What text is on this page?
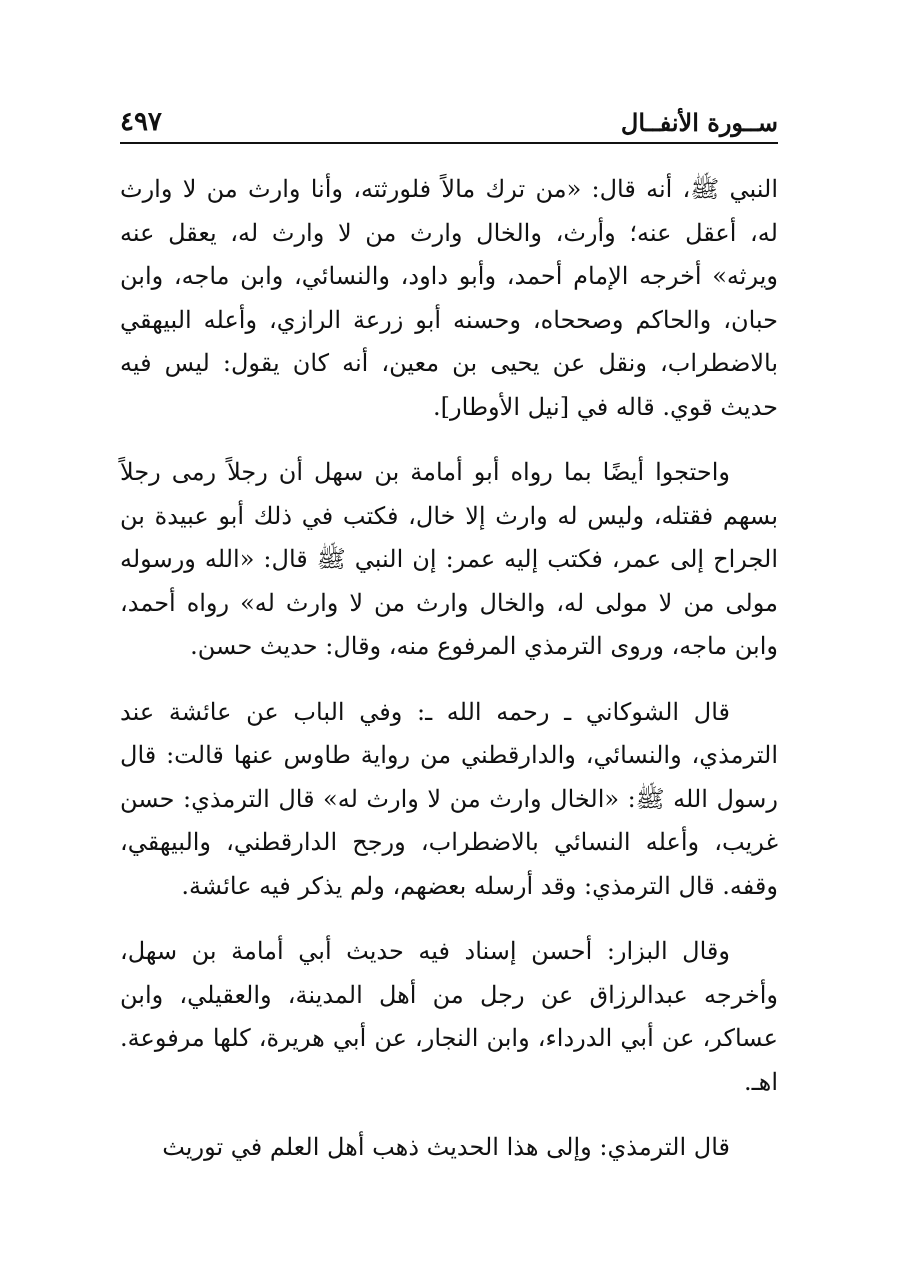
ســورة الأنفــال
٤٩٧

النبي ﷺ، أنه قال: «من ترك مالاً فلورثته، وأنا وارث من لا وارث له، أعقل عنه؛ وأرث، والخال وارث من لا وارث له، يعقل عنه ويرثه» أخرجه الإمام أحمد، وأبو داود، والنسائي، وابن ماجه، وابن حبان، والحاكم وصححاه، وحسنه أبو زرعة الرازي، وأعله البيهقي بالاضطراب، ونقل عن يحيى بن معين، أنه كان يقول: ليس فيه حديث قوي. قاله في [نيل الأوطار].

واحتجوا أيضًا بما رواه أبو أمامة بن سهل أن رجلاً رمى رجلاً بسهم فقتله، وليس له وارث إلا خال، فكتب في ذلك أبو عبيدة بن الجراح إلى عمر، فكتب إليه عمر: إن النبي ﷺ قال: «الله ورسوله مولى من لا مولى له، والخال وارث من لا وارث له» رواه أحمد، وابن ماجه، وروى الترمذي المرفوع منه، وقال: حديث حسن.

قال الشوكاني ـ رحمه الله ـ: وفي الباب عن عائشة عند الترمذي، والنسائي، والدارقطني من رواية طاوس عنها قالت: قال رسول الله ﷺ: «الخال وارث من لا وارث له» قال الترمذي: حسن غريب، وأعله النسائي بالاضطراب، ورجح الدارقطني، والبيهقي، وقفه. قال الترمذي: وقد أرسله بعضهم، ولم يذكر فيه عائشة.

وقال البزار: أحسن إسناد فيه حديث أبي أمامة بن سهل، وأخرجه عبدالرزاق عن رجل من أهل المدينة، والعقيلي، وابن عساكر، عن أبي الدرداء، وابن النجار، عن أبي هريرة، كلها مرفوعة. اهـ.

قال الترمذي: وإلى هذا الحديث ذهب أهل العلم في توريث
